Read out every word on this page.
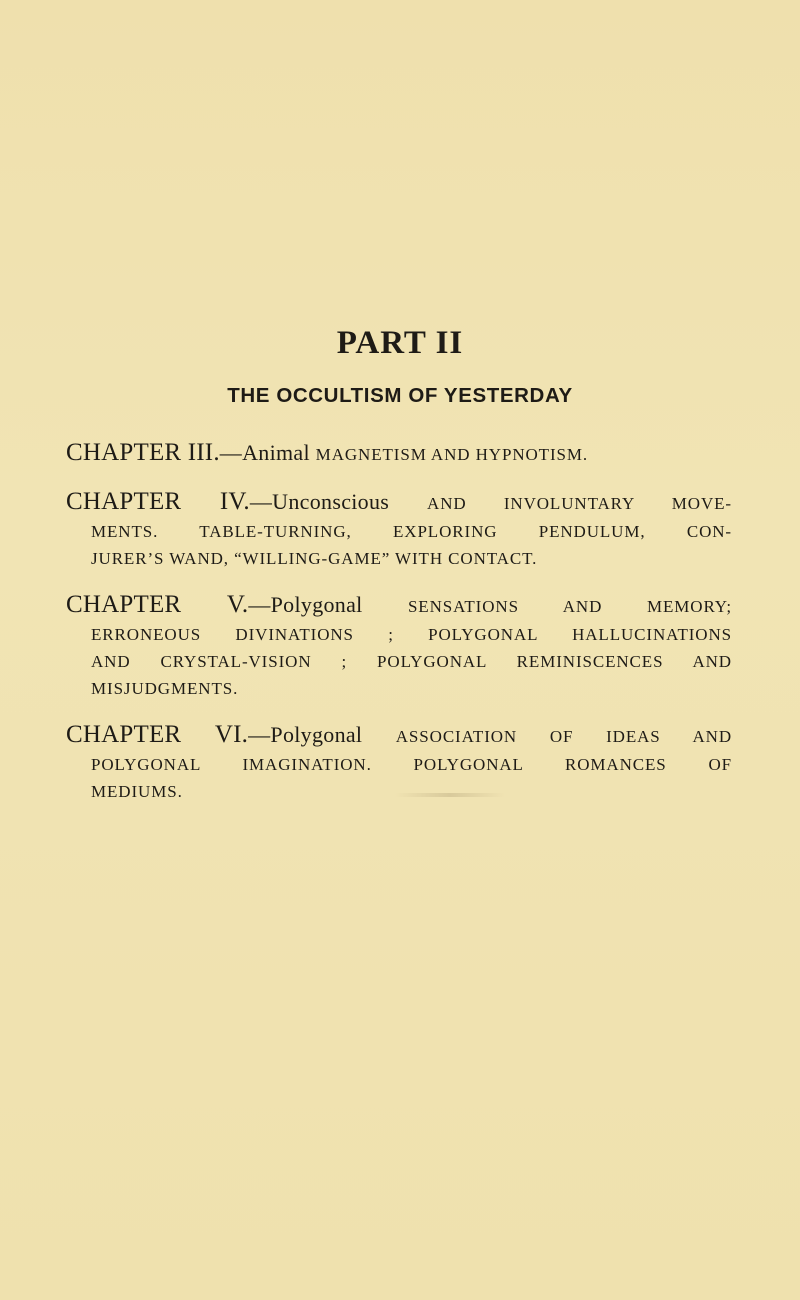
PART II
THE OCCULTISM OF YESTERDAY
CHAPTER III.—Animal MAGNETISM AND HYPNOTISM.
CHAPTER IV.—Unconscious AND INVOLUNTARY MOVE-
MENTS. TABLE-TURNING, EXPLORING PENDULUM, CON-
JURER’S WAND, “WILLING-GAME” WITH CONTACT.
CHAPTER V.—Polygonal SENSATIONS AND MEMORY;
ERRONEOUS DIVINATIONS ; POLYGONAL HALLUCINATIONS
AND CRYSTAL-VISION ; POLYGONAL REMINISCENCES AND
MISJUDGMENTS.
CHAPTER VI.—Polygonal ASSOCIATION OF IDEAS AND
POLYGONAL IMAGINATION. POLYGONAL ROMANCES OF
MEDIUMS.
